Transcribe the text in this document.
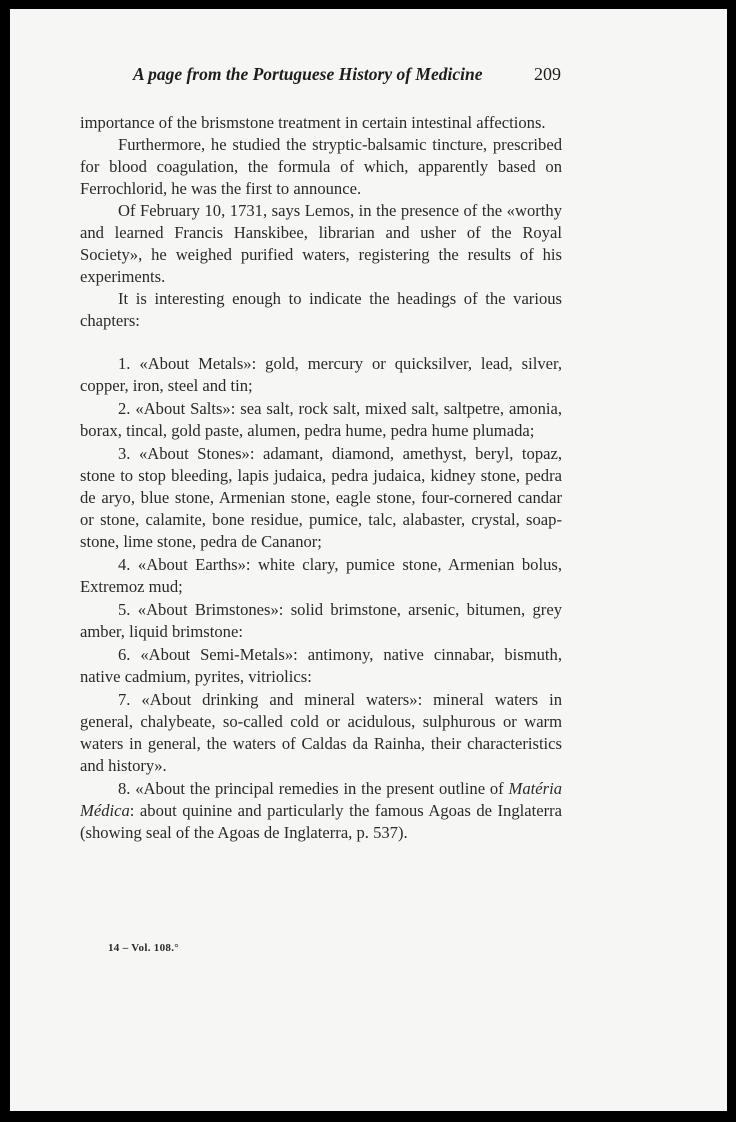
A page from the Portuguese History of Medicine	209

importance of the brismstone treatment in certain intestinal affections.

Furthermore, he studied the stryptic-balsamic tincture, prescribed for blood coagulation, the formula of which, apparently based on Ferrochlorid, he was the first to announce.

Of February 10, 1731, says Lemos, in the presence of the «worthy and learned Francis Hanskibee, librarian and usher of the Royal Society», he weighed purified waters, registering the results of his experiments.

It is interesting enough to indicate the headings of the various chapters:

1. «About Metals»: gold, mercury or quicksilver, lead, silver, copper, iron, steel and tin;

2. «About Salts»: sea salt, rock salt, mixed salt, saltpetre, amonia, borax, tincal, gold paste, alumen, pedra hume, pedra hume plumada;

3. «About Stones»: adamant, diamond, amethyst, beryl, topaz, stone to stop bleeding, lapis judaica, pedra judaica, kidney stone, pedra de aryo, blue stone, Armenian stone, eagle stone, four-cornered candar or stone, calamite, bone residue, pumice, talc, alabaster, crystal, soap-stone, lime stone, pedra de Cananor;

4. «About Earths»: white clary, pumice stone, Armenian bolus, Extremoz mud;

5. «About Brimstones»: solid brimstone, arsenic, bitumen, grey amber, liquid brimstone:

6. «About Semi-Metals»: antimony, native cinnabar, bismuth, native cadmium, pyrites, vitriolics:

7. «About drinking and mineral waters»: mineral waters in general, chalybeate, so-called cold or acidulous, sulphurous or warm waters in general, the waters of Caldas da Rainha, their characteristics and history».

8. «About the principal remedies in the present outline of Matéria Médica: about quinine and particularly the famous Agoas de Inglaterra (showing seal of the Agoas de Inglaterra, p. 537).

14 – Vol. 108.°
